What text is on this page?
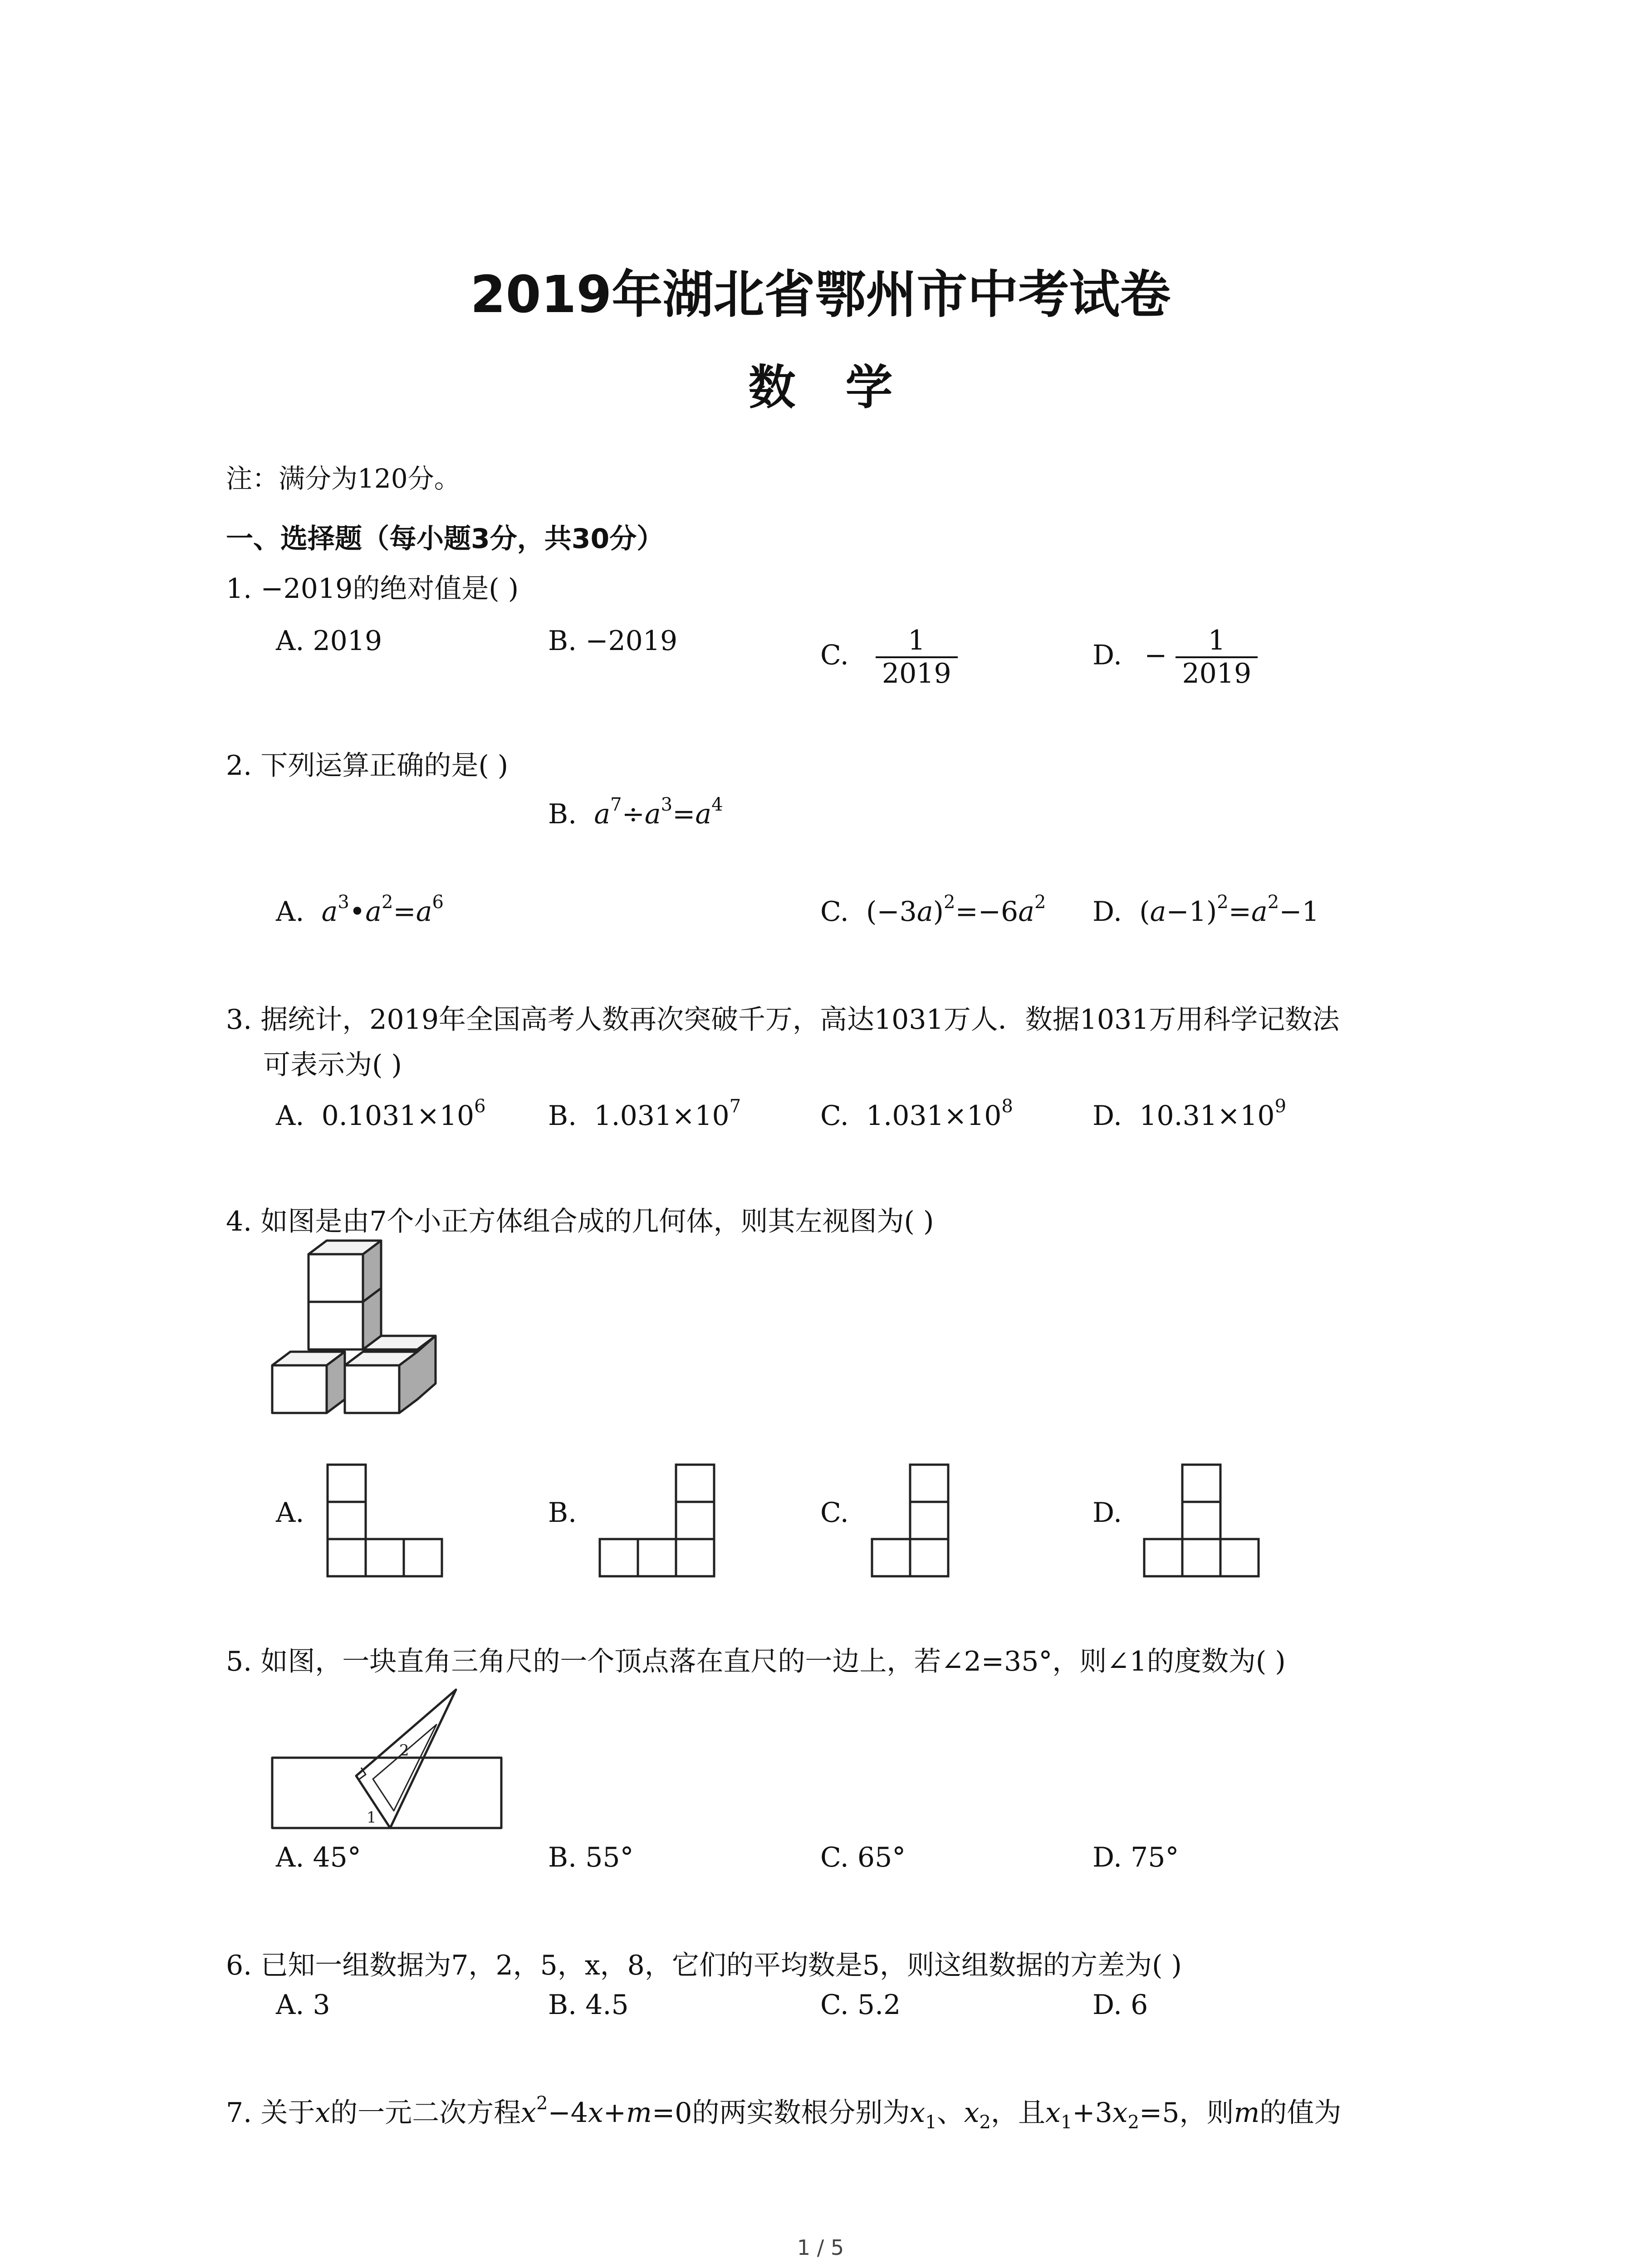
2019年湖北省鄂州市中考试卷
数学
注：满分为120分。
一、选择题（每小题3分，共30分）
1. −2019的绝对值是( )
A. 2019	B. −2019	C. $\frac{1}{2019}$	D. − $\frac{1}{2019}$
2. 下列运算正确的是( )
B. $a^7\div a^3=a^4$
A. $a^3•a^2=a^6$	C.  $(-3a)^2=-6a^2$ D.  $(a-1)^2=a^2-1$
3. 据统计，2019年全国高考人数再次突破千万，高达1031万人．数据1031万用科学记数法
可表示为( )
A. $0.1031\times 10^6$ B. $1.031\times 10^7$	C. $1.031\times 10^8$	D. $10.31\times 10^9$
4. 如图是由7个小正方体组合成的几何体，则其左视图为( )
A.	B.	C.	D.
5. 如图，一块直角三角尺的一个顶点落在直尺的一边上，若∠2=35°，则∠1的度数为( )
2
1
A. 45°	B. 55°	C. 65°	D. 75°
6. 已知一组数据为7，2，5，x，8，它们的平均数是5，则这组数据的方差为( )
A. 3	B. 4.5	C. 5.2	D. 6
7. 关于x的一元二次方程$x^2-4x+m=0$的两实数根分别为$x_1$、$x_2$，且$x_1+3x_2=5$，则m的值为
1 / 5
